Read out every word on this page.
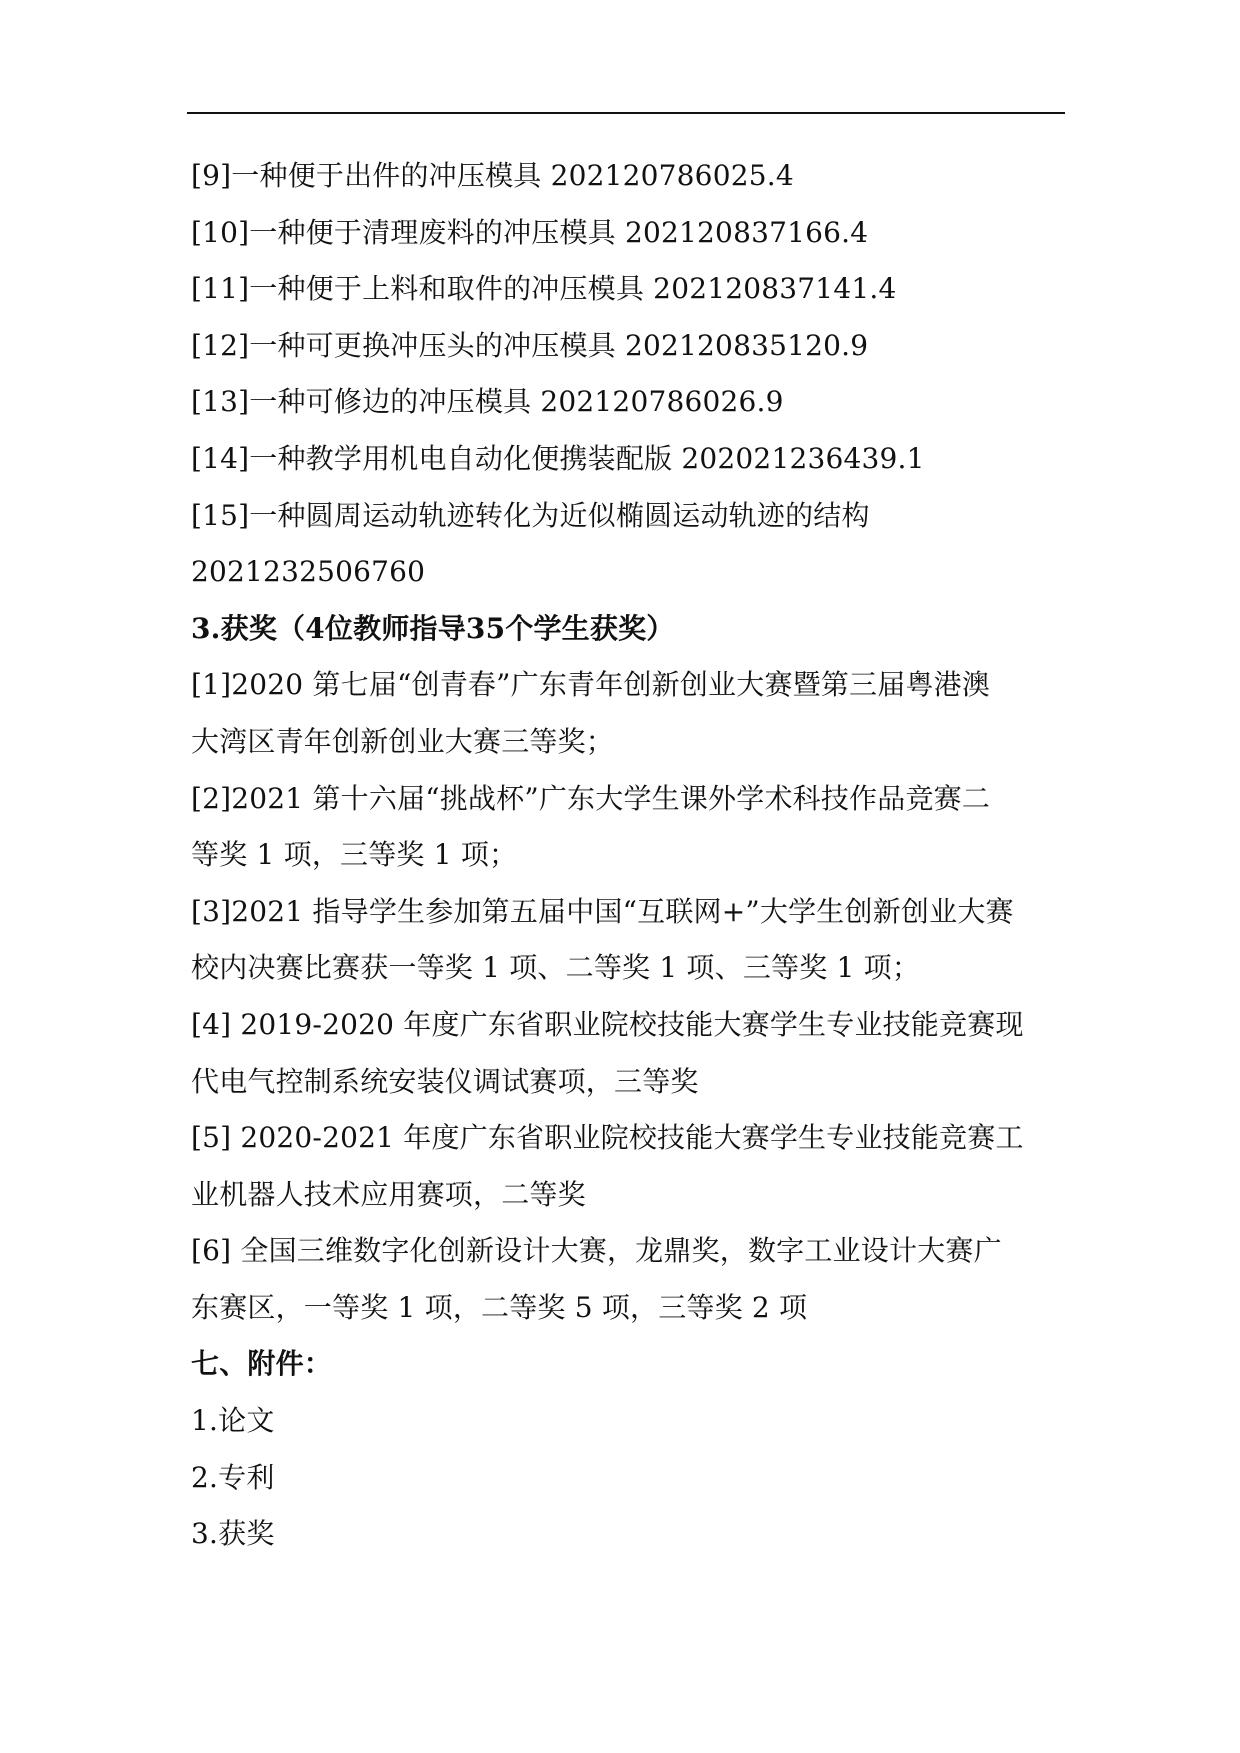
[9]一种便于出件的冲压模具 202120786025.4
[10]一种便于清理废料的冲压模具 202120837166.4
[11]一种便于上料和取件的冲压模具 202120837141.4
[12]一种可更换冲压头的冲压模具 202120835120.9
[13]一种可修边的冲压模具 202120786026.9
[14]一种教学用机电自动化便携装配版 202021236439.1
[15]一种圆周运动轨迹转化为近似椭圆运动轨迹的结构
2021232506760
3.获奖（4位教师指导35个学生获奖）
[1]2020 第七届“创青春”广东青年创新创业大赛暨第三届粤港澳
大湾区青年创新创业大赛三等奖；
[2]2021 第十六届“挑战杯”广东大学生课外学术科技作品竞赛二
等奖 1 项，三等奖 1 项；
[3]2021 指导学生参加第五届中国“互联网+”大学生创新创业大赛
校内决赛比赛获一等奖 1 项、二等奖 1 项、三等奖 1 项；
[4] 2019-2020 年度广东省职业院校技能大赛学生专业技能竞赛现
代电气控制系统安装仪调试赛项，三等奖
[5] 2020-2021 年度广东省职业院校技能大赛学生专业技能竞赛工
业机器人技术应用赛项，二等奖
[6] 全国三维数字化创新设计大赛，龙鼎奖，数字工业设计大赛广
东赛区，一等奖 1 项，二等奖 5 项，三等奖 2 项
七、附件：
1.论文
2.专利
3.获奖
